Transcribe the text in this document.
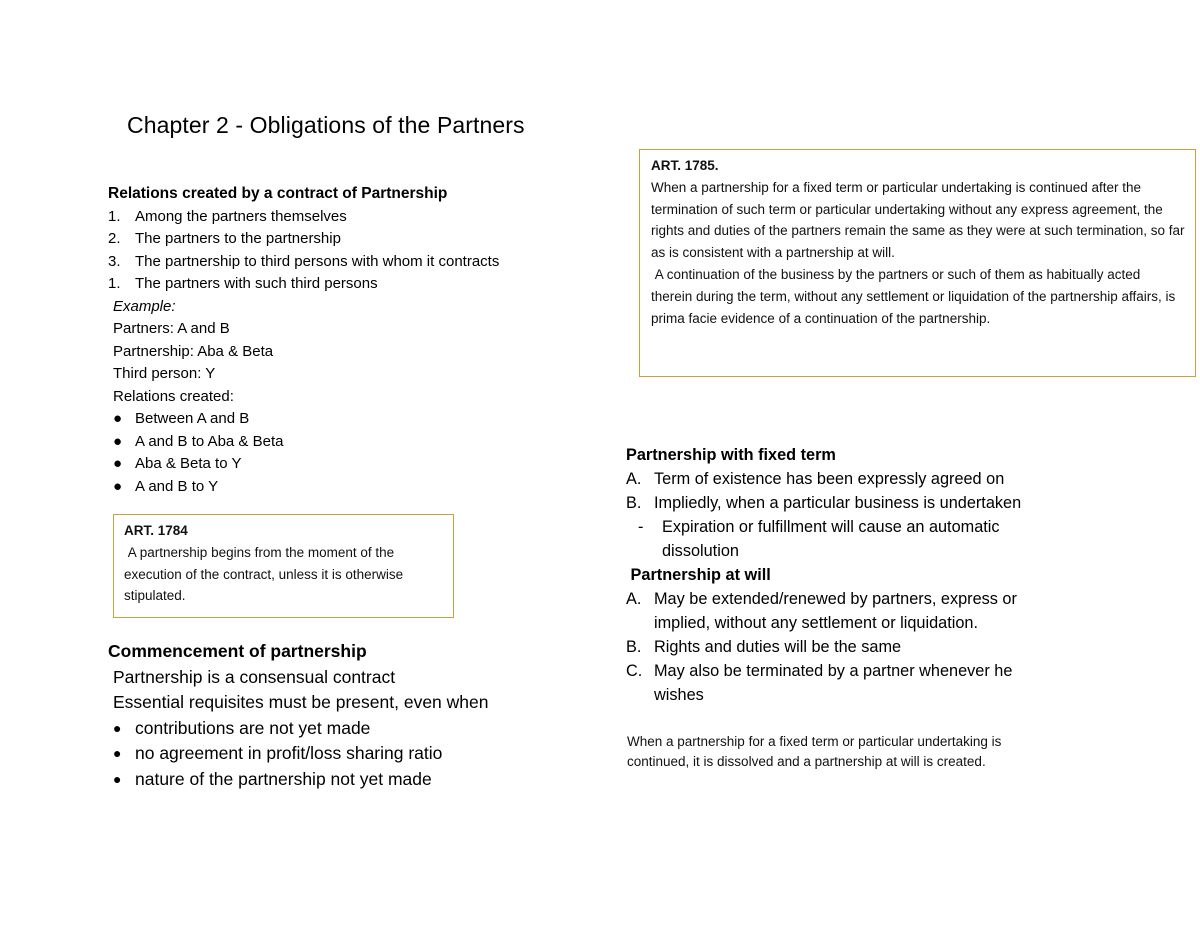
Chapter 2 - Obligations of the Partners
Relations created by a contract of Partnership
1. Among the partners themselves
2. The partners to the partnership
3. The partnership to third persons with whom it contracts
1. The partners with such third persons
Example:
Partners: A and B
Partnership: Aba & Beta
Third person: Y
Relations created:
● Between A and B
● A and B to Aba & Beta
● Aba & Beta to Y
● A and B to Y

ART. 1784

A partnership begins from the moment of the execution of the contract, unless it is otherwise stipulated.

Commencement of partnership
Partnership is a consensual contract
Essential requisites must be present, even when
● contributions are not yet made
● no agreement in profit/loss sharing ratio
● nature of the partnership not yet made

ART. 1785.

When a partnership for a fixed term or particular undertaking is continued after the termination of such term or particular undertaking without any express agreement, the rights and duties of the partners remain the same as they were at such termination, so far as is consistent with a partnership at will.

A continuation of the business by the partners or such of them as habitually acted therein during the term, without any settlement or liquidation of the partnership affairs, is prima facie evidence of a continuation of the partnership.

Partnership with fixed term
A. Term of existence has been expressly agreed on
B. Impliedly, when a particular business is undertaken
- Expiration or fulfillment will cause an automatic dissolution
Partnership at will
A. May be extended/renewed by partners, express or implied, without any settlement or liquidation.
B. Rights and duties will be the same
C. May also be terminated by a partner whenever he wishes
When a partnership for a fixed term or particular undertaking is continued, it is dissolved and a partnership at will is created.
